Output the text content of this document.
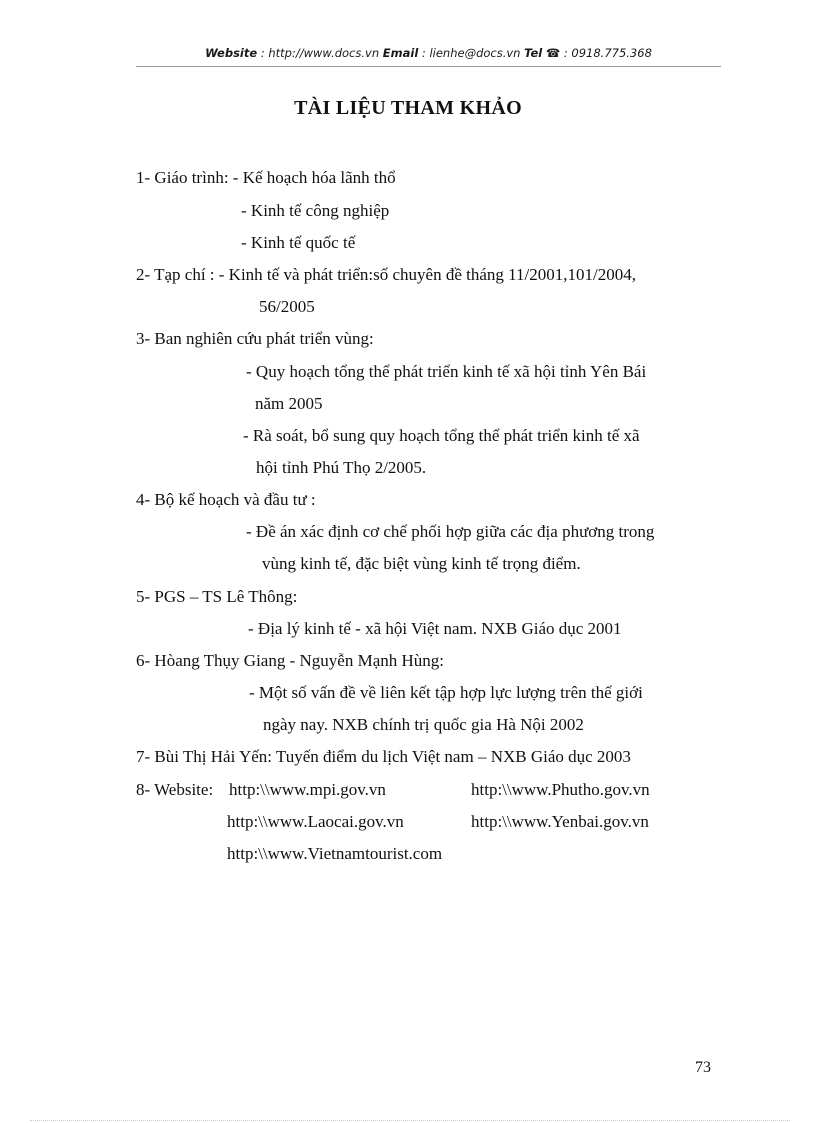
Website : http://www.docs.vn Email : lienhe@docs.vn Tel ☎ : 0918.775.368
TÀI LIỆU THAM KHẢO
1- Giáo trình: - Kế hoạch hóa lãnh thổ
- Kinh tế công nghiệp
- Kinh tế quốc tế
2- Tạp chí : - Kinh tế và phát triển:số chuyên đề tháng 11/2001,101/2004,
56/2005
3- Ban nghiên cứu phát triển vùng:
- Quy hoạch tổng thể phát triển kinh tế xã hội tỉnh Yên Bái
năm 2005
- Rà soát, bổ sung quy hoạch tổng thể phát triển kinh tế xã
hội tỉnh Phú Thọ 2/2005.
4- Bộ kế hoạch và đầu tư :
- Đề án xác định cơ chế phối hợp giữa các địa phương trong
vùng kinh tế, đặc biệt vùng kinh tế trọng điểm.
5- PGS – TS Lê Thông:
- Địa lý kinh tế - xã hội Việt nam. NXB Giáo dục 2001
6- Hòang Thụy Giang - Nguyễn Mạnh Hùng:
- Một số vấn đề về liên kết tập hợp lực lượng trên thế giới
ngày nay. NXB chính trị quốc gia Hà Nội 2002
7- Bùi Thị Hải Yến: Tuyến điểm du lịch Việt nam – NXB Giáo dục 2003
8- Website: http:\\www.mpi.gov.vn	http:\\www.Phutho.gov.vn
http:\\www.Laocai.gov.vn	http:\\www.Yenbai.gov.vn
http:\\www.Vietnamtourist.com
73
